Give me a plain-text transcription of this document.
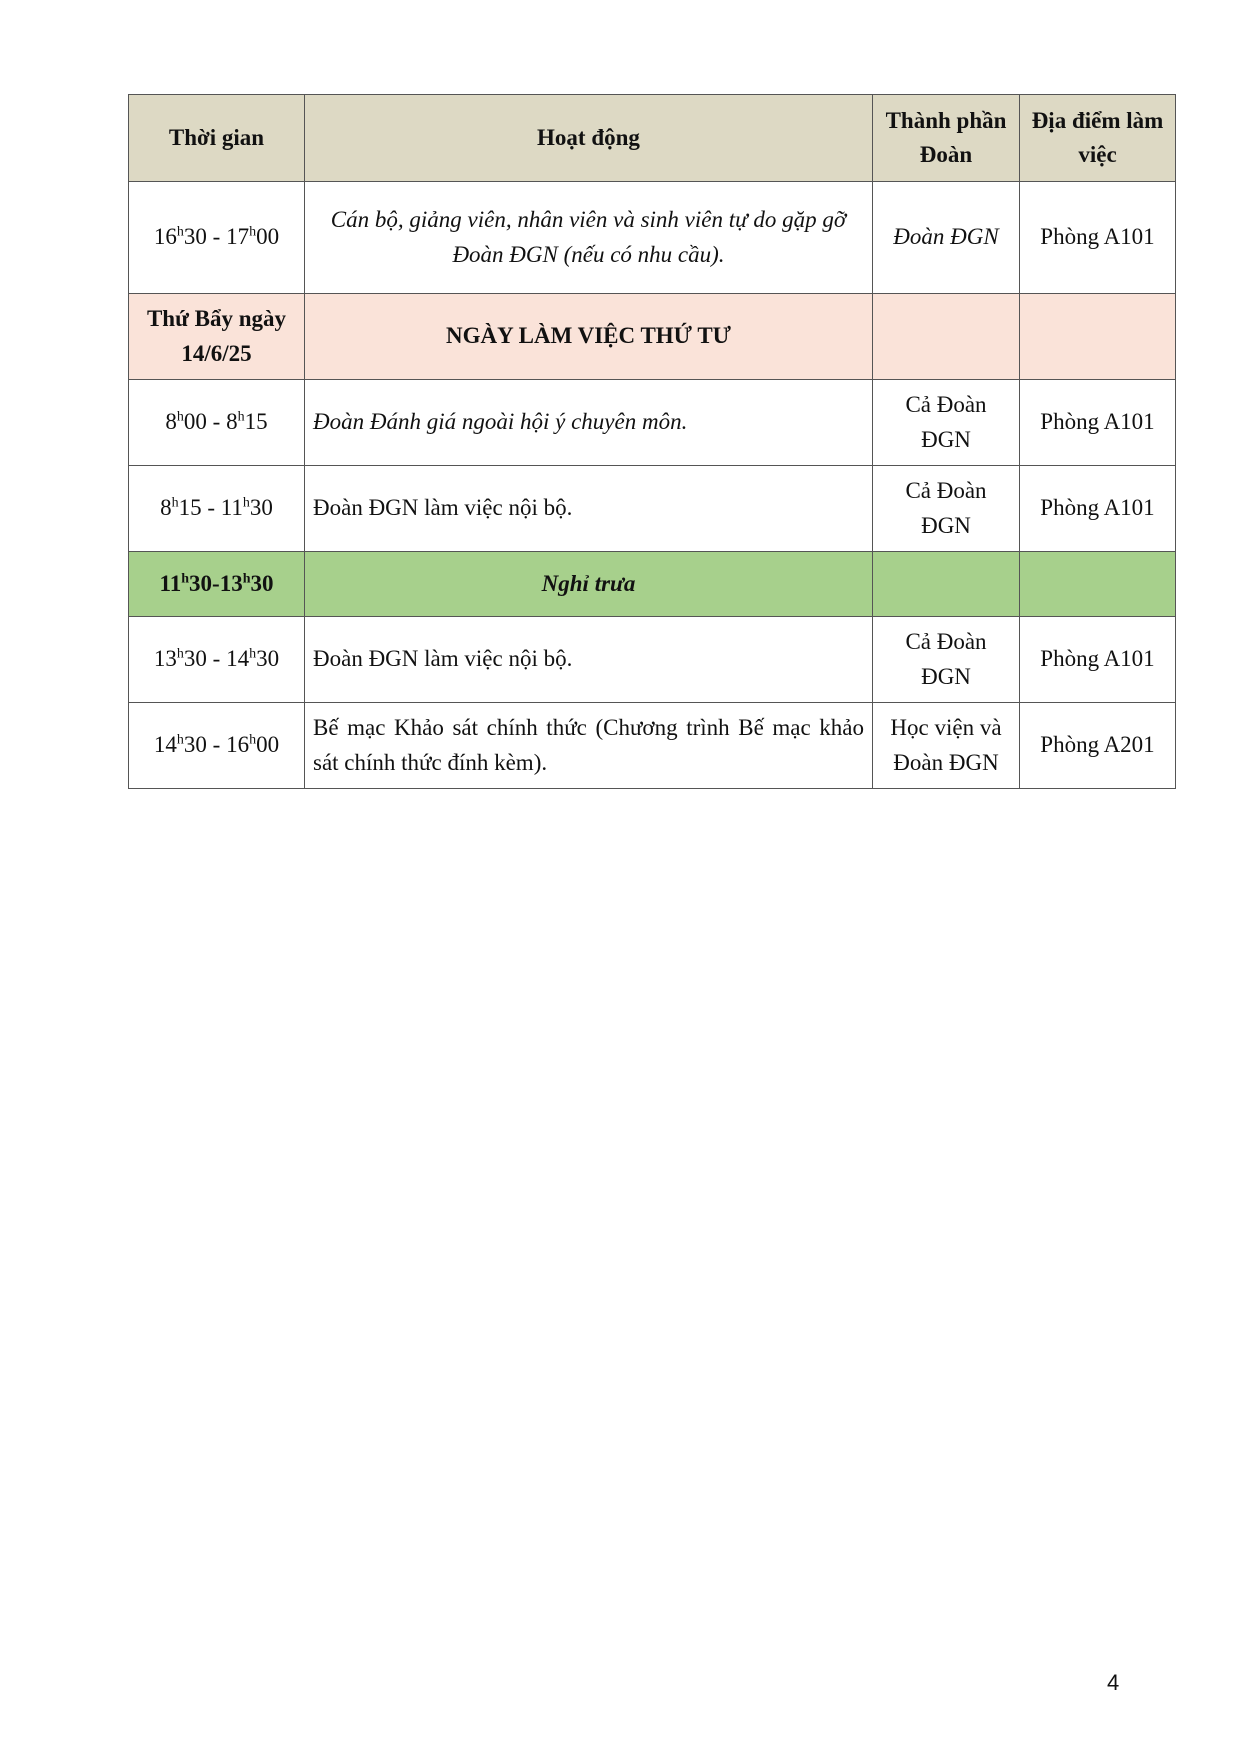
Thời gian	Hoạt động	Thành phần Đoàn	Địa điểm làm việc
16$^h$30 - 17$^h$00	Cán bộ, giảng viên, nhân viên và sinh viên tự do gặp gỡ Đoàn ĐGN (nếu có nhu cầu).	Đoàn ĐGN	Phòng A101
Thứ Bẩy ngày 14/6/25	NGÀY LÀM VIỆC THỨ TƯ		
8$^h$00 - 8$^h$15	Đoàn Đánh giá ngoài hội ý chuyên môn.	Cả Đoàn ĐGN	Phòng A101
8$^h$15 - 11$^h$30	Đoàn ĐGN làm việc nội bộ.	Cả Đoàn ĐGN	Phòng A101
11$^h$30-13$^h$30	Nghỉ trưa		
13$^h$30 - 14$^h$30	Đoàn ĐGN làm việc nội bộ.	Cả Đoàn ĐGN	Phòng A101
14$^h$30 - 16$^h$00	Bế mạc Khảo sát chính thức (Chương trình Bế mạc khảo sát chính thức đính kèm).	Học viện và Đoàn ĐGN	Phòng A201
4
